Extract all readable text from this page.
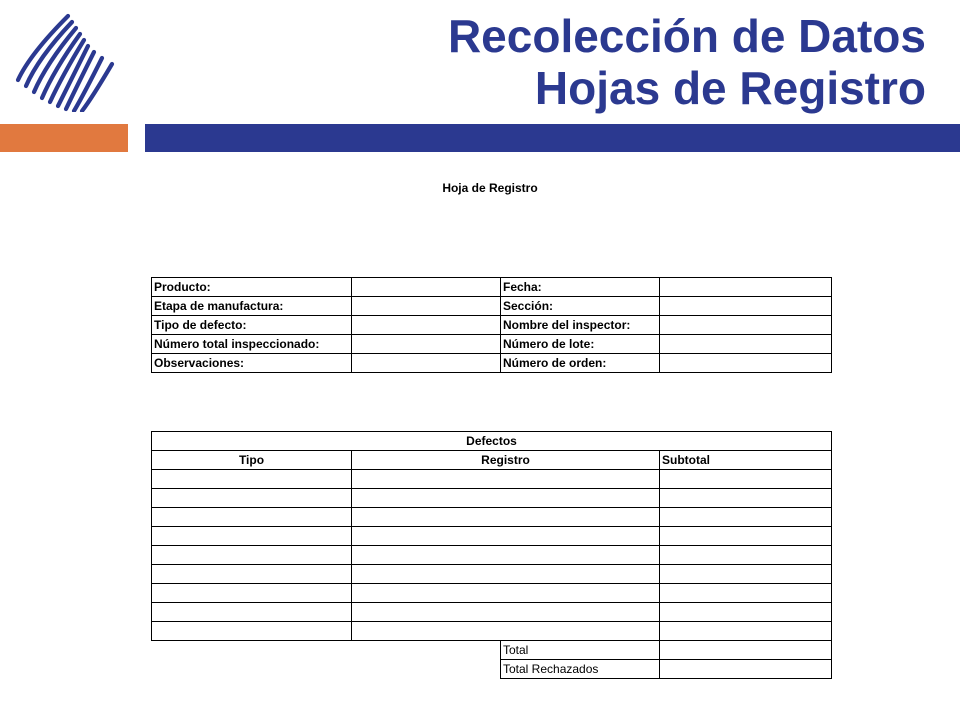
Recolección de Datos
Hojas de Registro
Hoja de Registro
Producto:		Fecha:	
Etapa de manufactura:		Sección:	
Tipo de defecto:		Nombre del inspector:	
Número total inspeccionado:		Número de lote:	
Observaciones:		Número de orden:	
Defectos			
Tipo	Registro		Subtotal

		Total	
		Total Rechazados	
